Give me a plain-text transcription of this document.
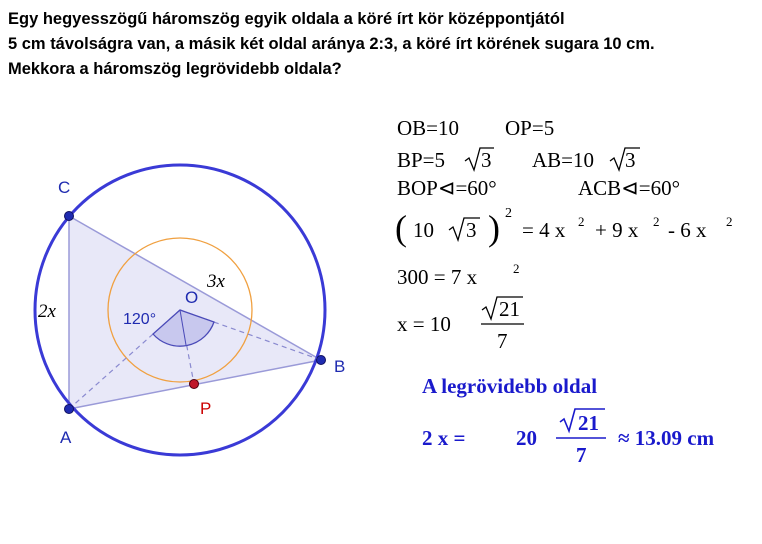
Egy hegyesszögű háromszög egyik oldala a köré írt kör középpontjától
5 cm távolságra van, a másik két oldal aránya 2:3, a köré írt körének sugara 10 cm.
Mekkora a háromszög legrövidebb oldala?
A
B
C
O
P
2x
3x
120°
OB=10 OP=5
BP=5 3 AB=10 3
BOP⊲=60°	ACB⊲=60°
( 10 3 ) 2
= 4 x 2 + 9 x 2 - 6 x 2
300 = 7 x	2
x = 10
21
7
A legrövidebb oldal
2 x = 20
21
7
≈ 13.09 cm
